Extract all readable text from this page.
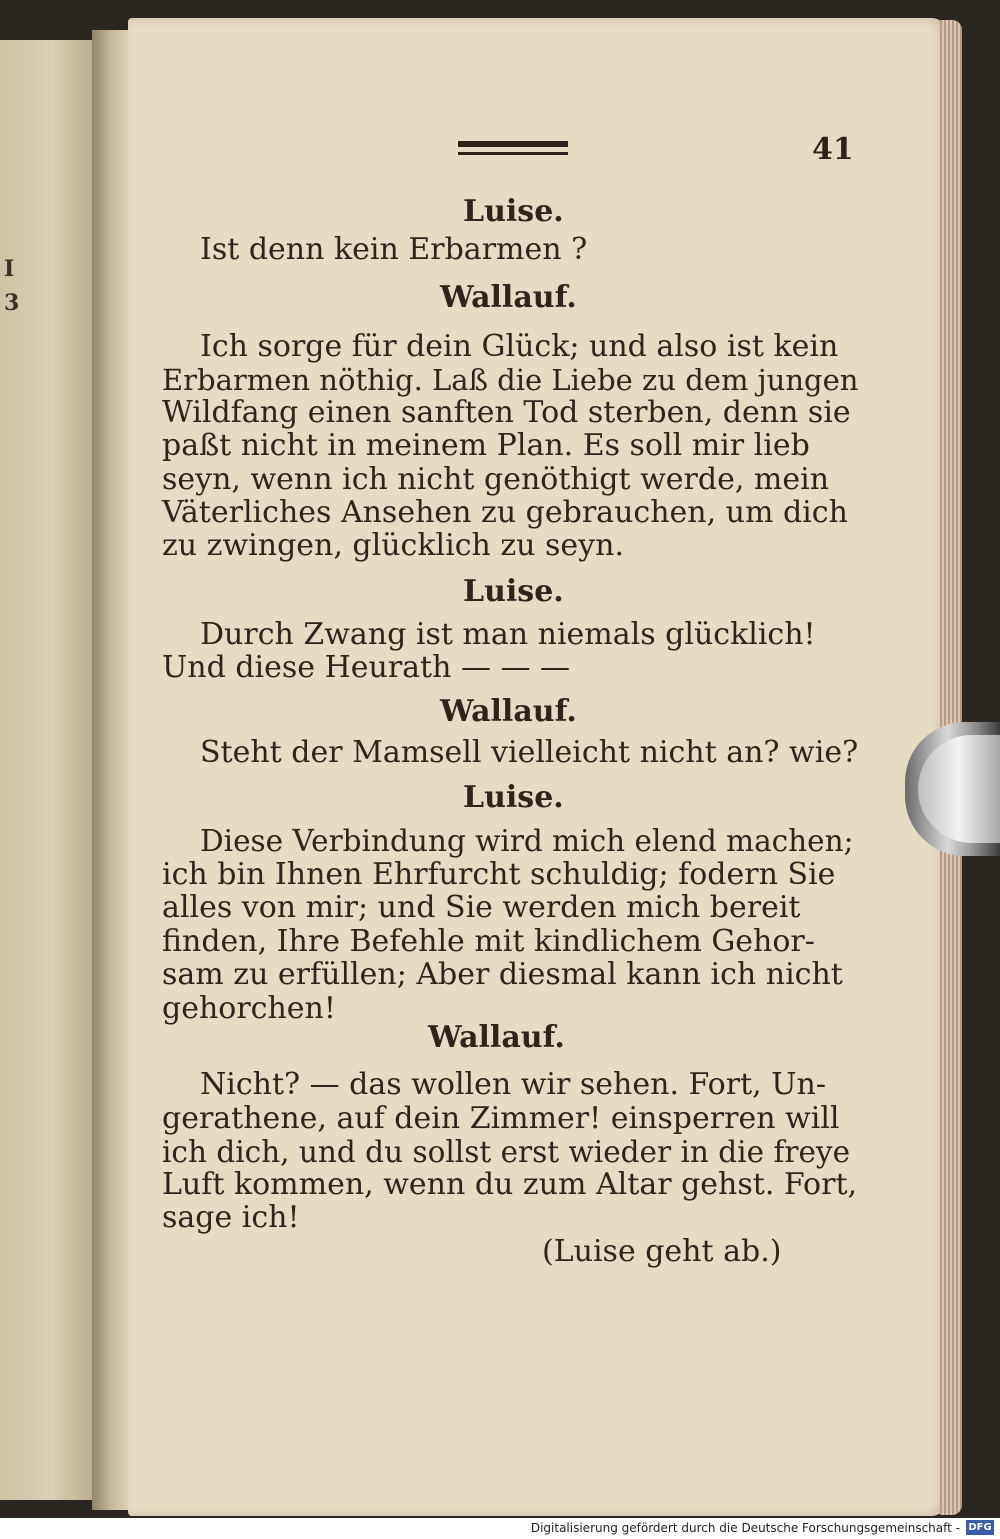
I
3
41
Luise.
Ist denn kein Erbarmen ?
Wallauf.
Ich sorge für dein Glück; und also ist kein
Erbarmen nöthig. Laß die Liebe zu dem jungen
Wildfang einen sanften Tod sterben, denn sie
paßt nicht in meinem Plan. Es soll mir lieb
seyn, wenn ich nicht genöthigt werde, mein
Väterliches Ansehen zu gebrauchen, um dich
zu zwingen, glücklich zu seyn.
Luise.
Durch Zwang ist man niemals glücklich!
Und diese Heurath — — —
Wallauf.
Steht der Mamsell vielleicht nicht an? wie?
Luise.
Diese Verbindung wird mich elend machen;
ich bin Ihnen Ehrfurcht schuldig; fodern Sie
alles von mir; und Sie werden mich bereit
finden, Ihre Befehle mit kindlichem Gehor-
sam zu erfüllen; Aber diesmal kann ich nicht
gehorchen!
Wallauf.
Nicht? — das wollen wir sehen. Fort, Un-
gerathene, auf dein Zimmer! einsperren will
ich dich, und du sollst erst wieder in die freye
Luft kommen, wenn du zum Altar gehst. Fort,
sage ich!
(Luise geht ab.)
Digitalisierung gefördert durch die Deutsche Forschungsgemeinschaft - DFG
